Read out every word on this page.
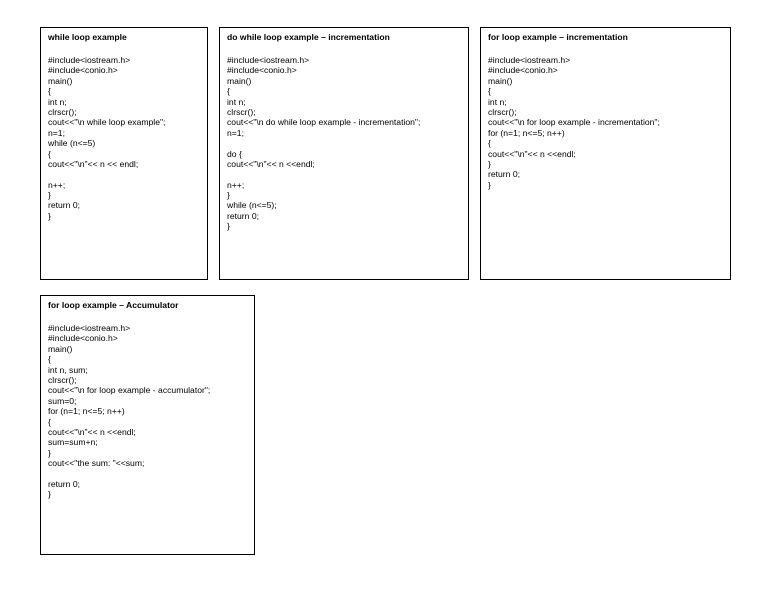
while loop example
#include<iostream.h>
#include<conio.h>
main()
{
int n;
clrscr();
cout<<"\n while loop example";
n=1;
while (n<=5)
{
cout<<"\n"<< n << endl;
n++;
}
return 0;
}
do while loop example – incrementation
#include<iostream.h>
#include<conio.h>
main()
{
int n;
clrscr();
cout<<"\n do while loop example - incrementation";
n=1;
do {
cout<<"\n"<< n <<endl;
n++;
}
while (n<=5);
return 0;
}
for loop example – incrementation
#include<iostream.h>
#include<conio.h>
main()
{
int n;
clrscr();
cout<<"\n for loop example - incrementation";
for (n=1; n<=5; n++)
{
cout<<"\n"<< n <<endl;
}
return 0;
}
for loop example – Accumulator
#include<iostream.h>
#include<conio.h>
main()
{
int n, sum;
clrscr();
cout<<"\n for loop example - accumulator";
sum=0;
for (n=1; n<=5; n++)
{
cout<<"\n"<< n <<endl;
sum=sum+n;
}
cout<<"the sum: "<<sum;
return 0;
}
